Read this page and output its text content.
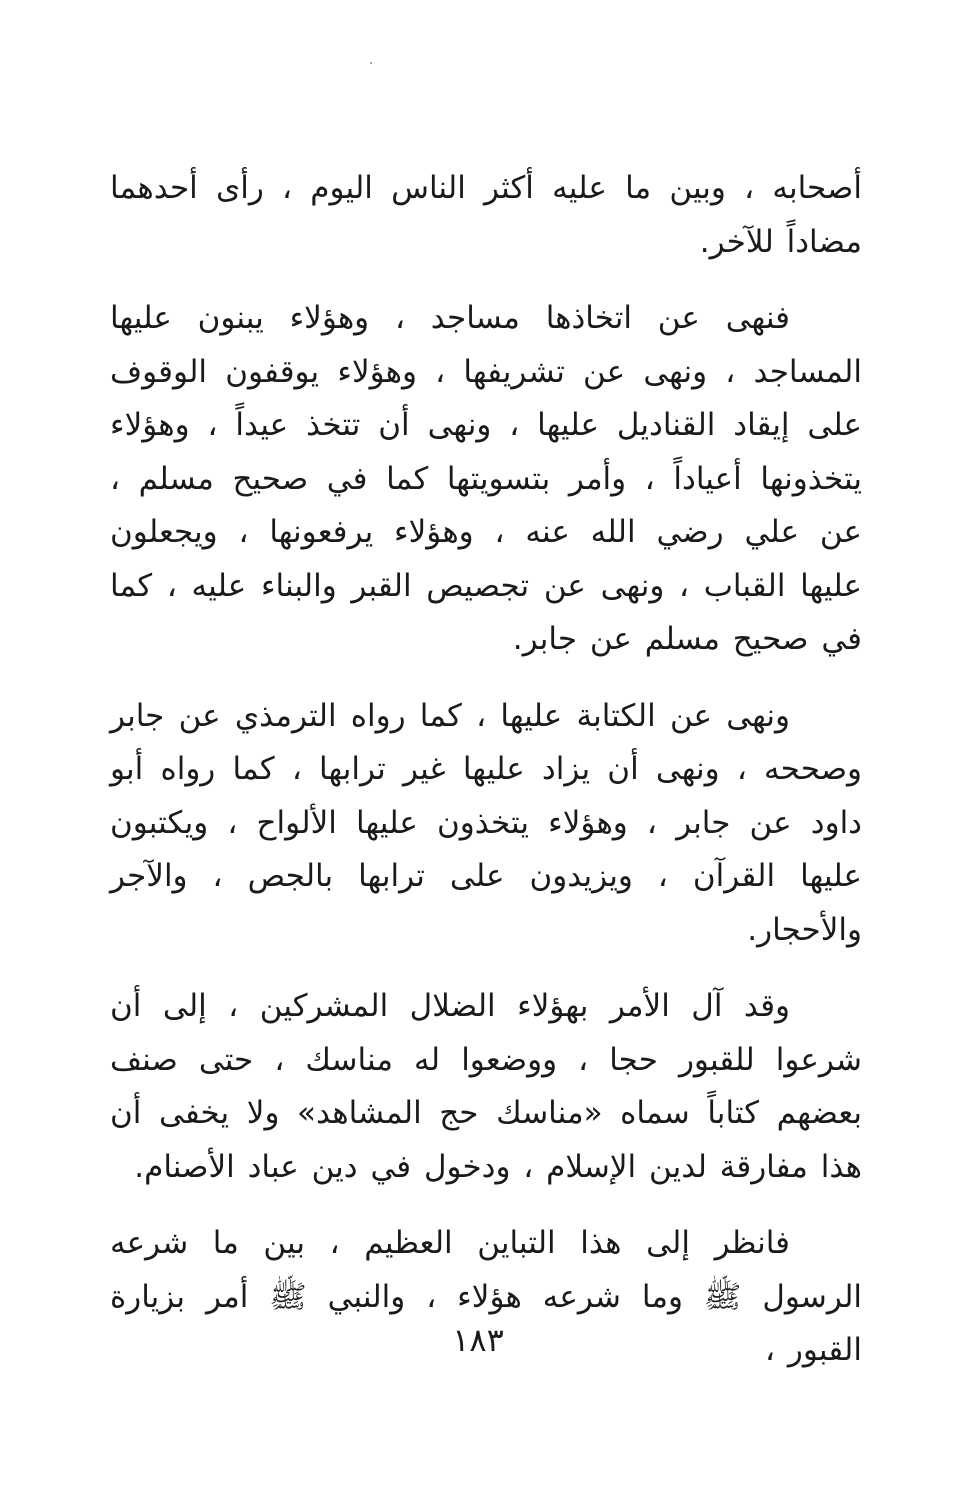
أصحابه ، وبين ما عليه أكثر الناس اليوم ، رأى أحدهما مضاداً للآخر.

فنهى عن اتخاذها مساجد ، وهؤلاء يبنون عليها المساجد ، ونهى عن تشريفها ، وهؤلاء يوقفون الوقوف على إيقاد القناديل عليها ، ونهى أن تتخذ عيداً ، وهؤلاء يتخذونها أعياداً ، وأمر بتسويتها كما في صحيح مسلم ، عن علي رضي الله عنه ، وهؤلاء يرفعونها ، ويجعلون عليها القباب ، ونهى عن تجصيص القبر والبناء عليه ، كما في صحيح مسلم عن جابر.

ونهى عن الكتابة عليها ، كما رواه الترمذي عن جابر وصححه ، ونهى أن يزاد عليها غير ترابها ، كما رواه أبو داود عن جابر ، وهؤلاء يتخذون عليها الألواح ، ويكتبون عليها القرآن ، ويزيدون على ترابها بالجص ، والآجر والأحجار.

وقد آل الأمر بهؤلاء الضلال المشركين ، إلى أن شرعوا للقبور حجا ، ووضعوا له مناسك ، حتى صنف بعضهم كتاباً سماه «مناسك حج المشاهد» ولا يخفى أن هذا مفارقة لدين الإسلام ، ودخول في دين عباد الأصنام.

فانظر إلى هذا التباين العظيم ، بين ما شرعه الرسول ﷺ وما شرعه هؤلاء ، والنبي ﷺ أمر بزيارة القبور ،

١٨٣
